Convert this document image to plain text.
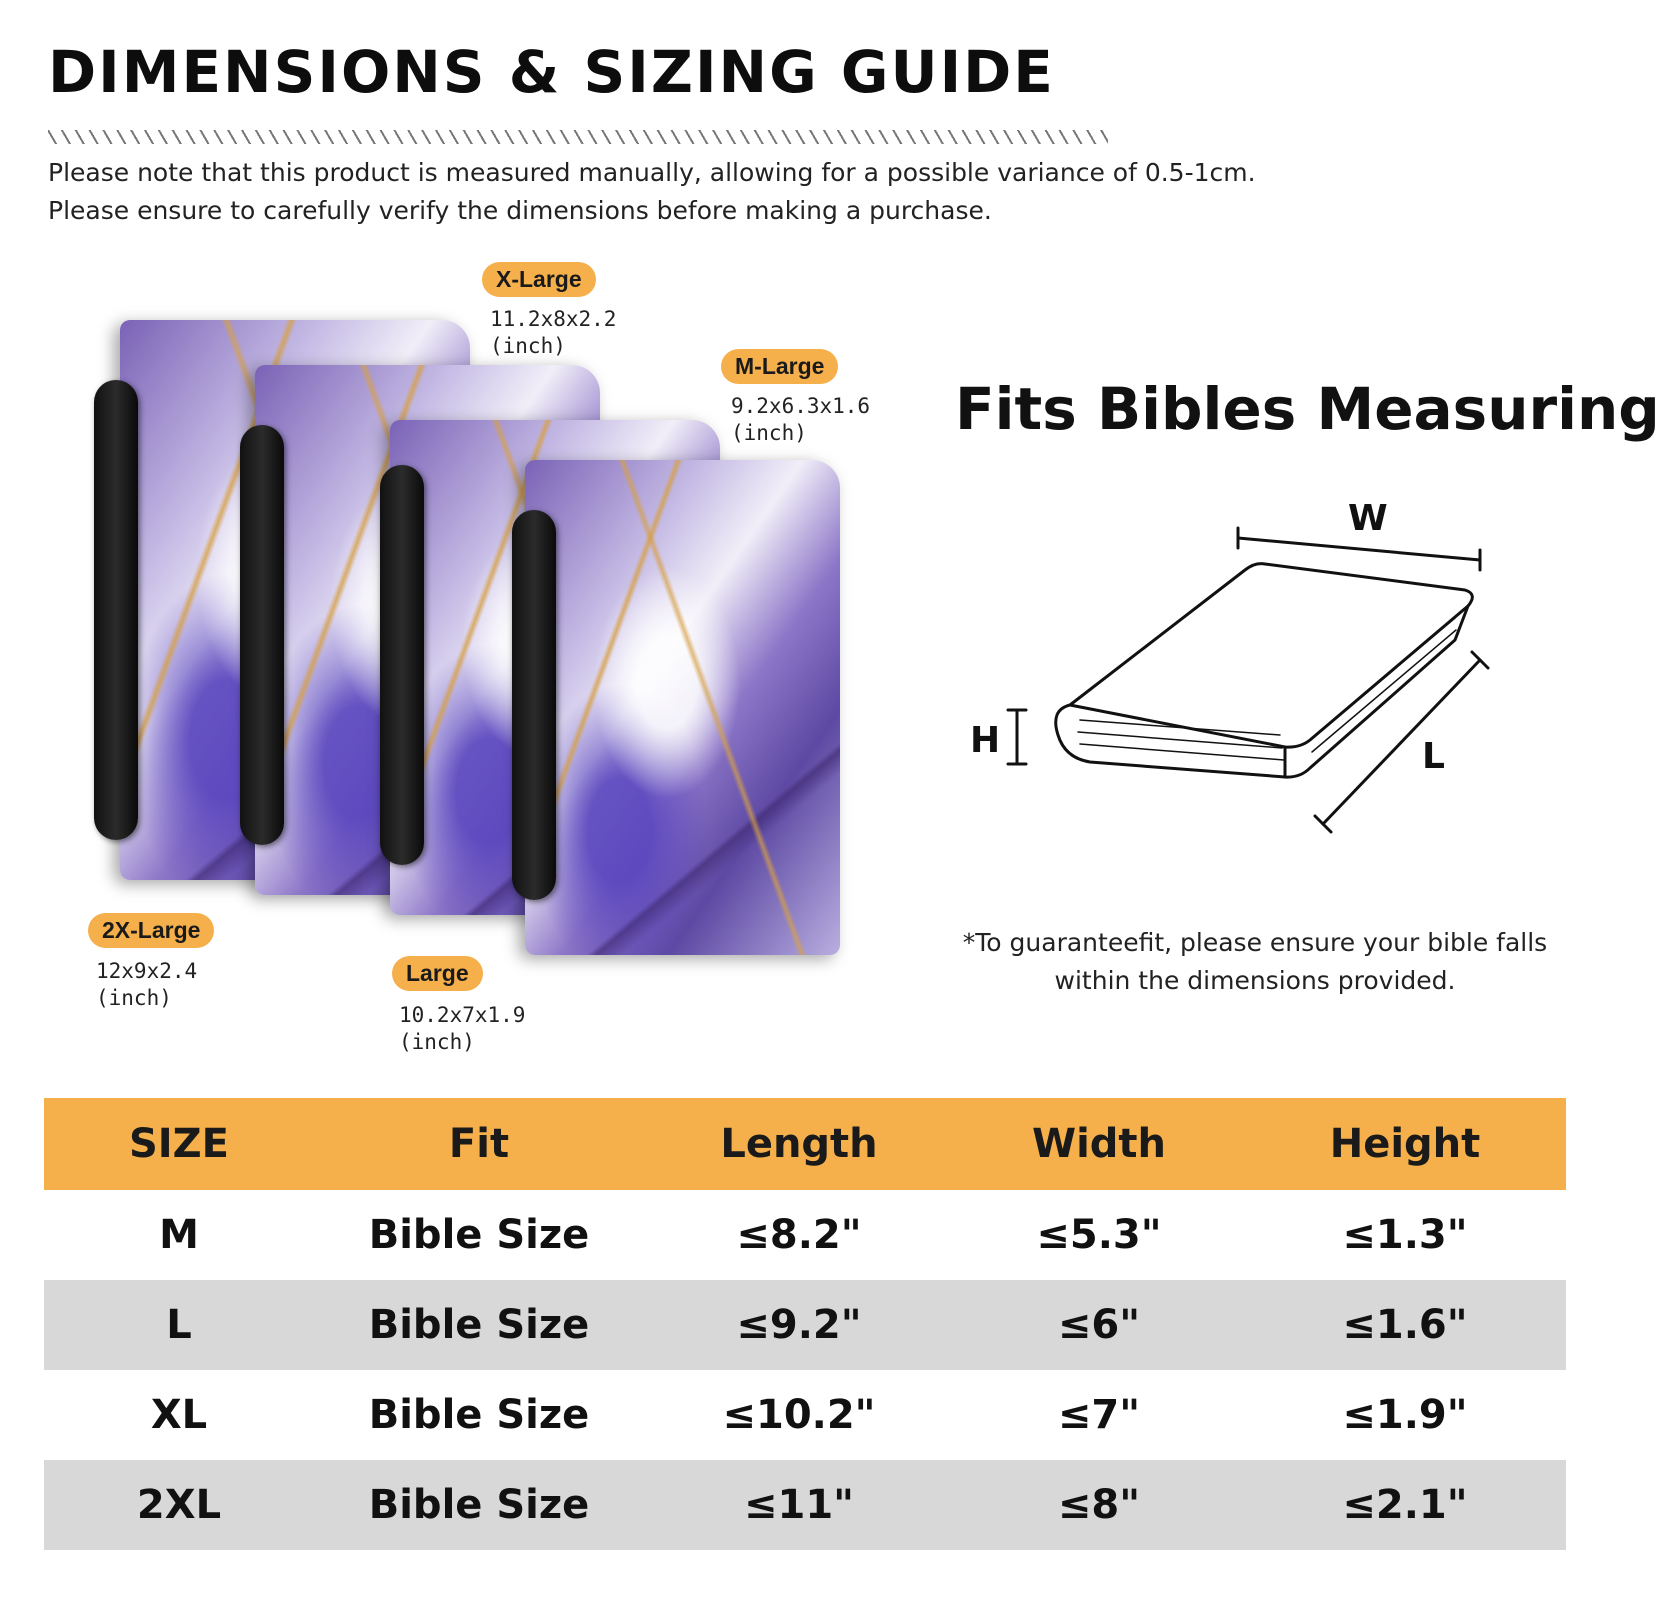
DIMENSIONS & SIZING GUIDE
Please note that this product is measured manually, allowing for a possible variance of 0.5-1cm.
Please ensure to carefully verify the dimensions before making a purchase.
X-Large
11.2x8x2.2
(inch)
M-Large
9.2x6.3x1.6
(inch)
2X-Large
12x9x2.4
(inch)
Large
10.2x7x1.9
(inch)
Fits Bibles Measuring
W
H	L
*To guaranteefit, please ensure your bible falls
within the dimensions provided.
SIZE	Fit	Length	Width	Height
M	Bible Size	≤8.2"	≤5.3"	≤1.3"
L	Bible Size	≤9.2"	≤6"	≤1.6"
XL	Bible Size	≤10.2"	≤7"	≤1.9"
2XL	Bible Size	≤11"	≤8"	≤2.1"
